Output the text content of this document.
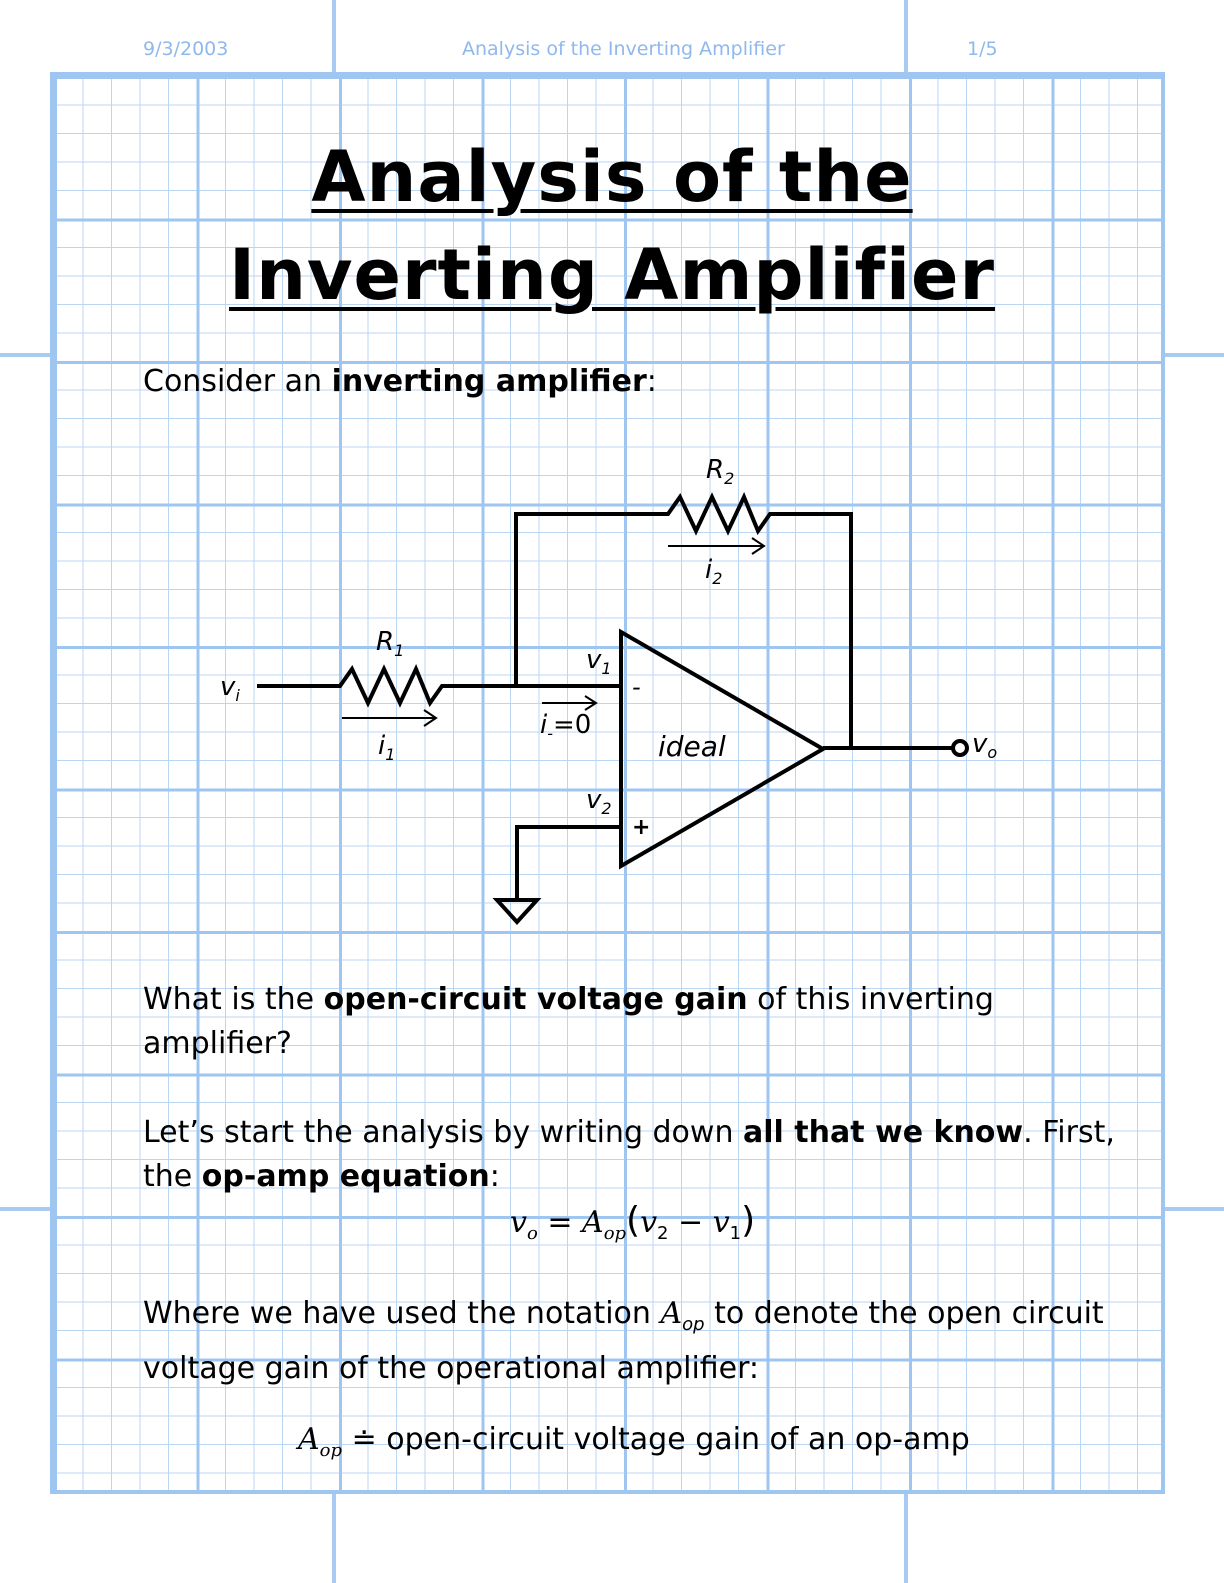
9/3/2003	Analysis of the Inverting Amplifier	1/5
Analysis of the
Inverting Amplifier
Consider an inverting amplifier:
$v_i$
$R_1$
$i_1$
$R_2$
$i_2$
$v_1$
$v_2$
$i_-=0$
-
+
ideal	$v_o$
What is the open-circuit voltage gain of this inverting
amplifier?
Let’s start the analysis by writing down all that we know. First,
the op-amp equation:
$v_o = A_{op}(v_2 - v_1)$
Where we have used the notation $A_{op}$ to denote the open circuit
voltage gain of the operational amplifier:
$A_{op}$ ≐ open-circuit voltage gain of an op-amp
